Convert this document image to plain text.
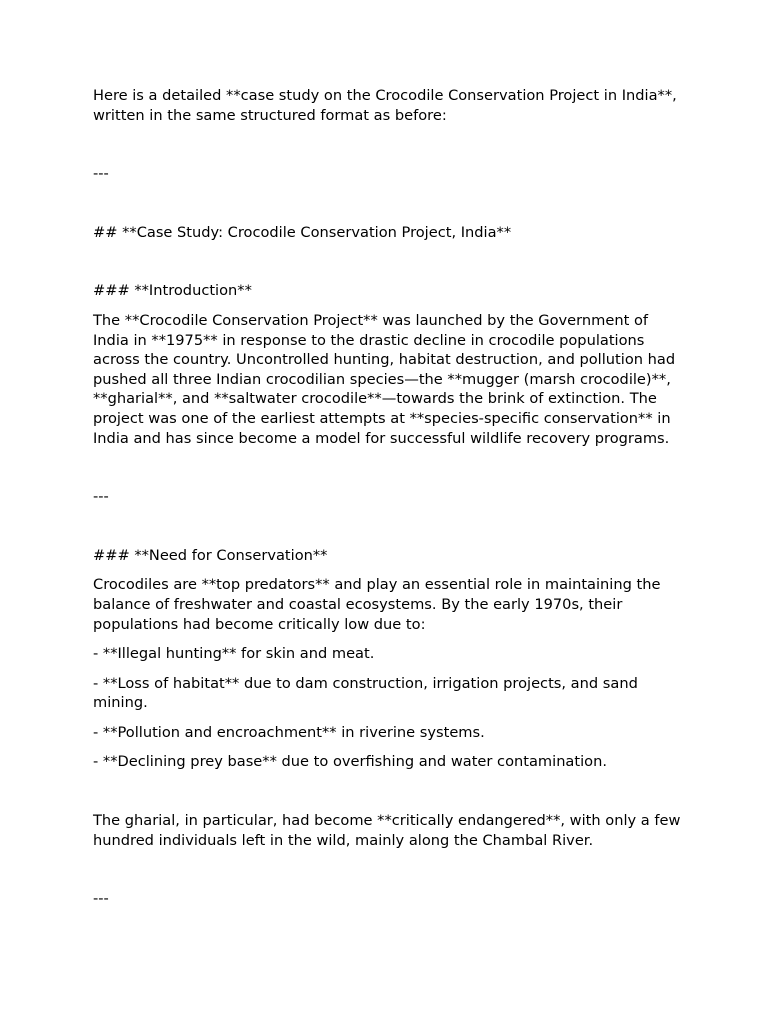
Here is a detailed **case study on the Crocodile Conservation Project in India**, written in the same structured format as before:

---

## **Case Study: Crocodile Conservation Project, India**

### **Introduction**

The **Crocodile Conservation Project** was launched by the Government of India in **1975** in response to the drastic decline in crocodile populations across the country. Uncontrolled hunting, habitat destruction, and pollution had pushed all three Indian crocodilian species—the **mugger (marsh crocodile)**, **gharial**, and **saltwater crocodile**—towards the brink of extinction. The project was one of the earliest attempts at **species-specific conservation** in India and has since become a model for successful wildlife recovery programs.

---

### **Need for Conservation**

Crocodiles are **top predators** and play an essential role in maintaining the balance of freshwater and coastal ecosystems. By the early 1970s, their populations had become critically low due to:

- **Illegal hunting** for skin and meat.

- **Loss of habitat** due to dam construction, irrigation projects, and sand mining.

- **Pollution and encroachment** in riverine systems.

- **Declining prey base** due to overfishing and water contamination.

The gharial, in particular, had become **critically endangered**, with only a few hundred individuals left in the wild, mainly along the Chambal River.

---
